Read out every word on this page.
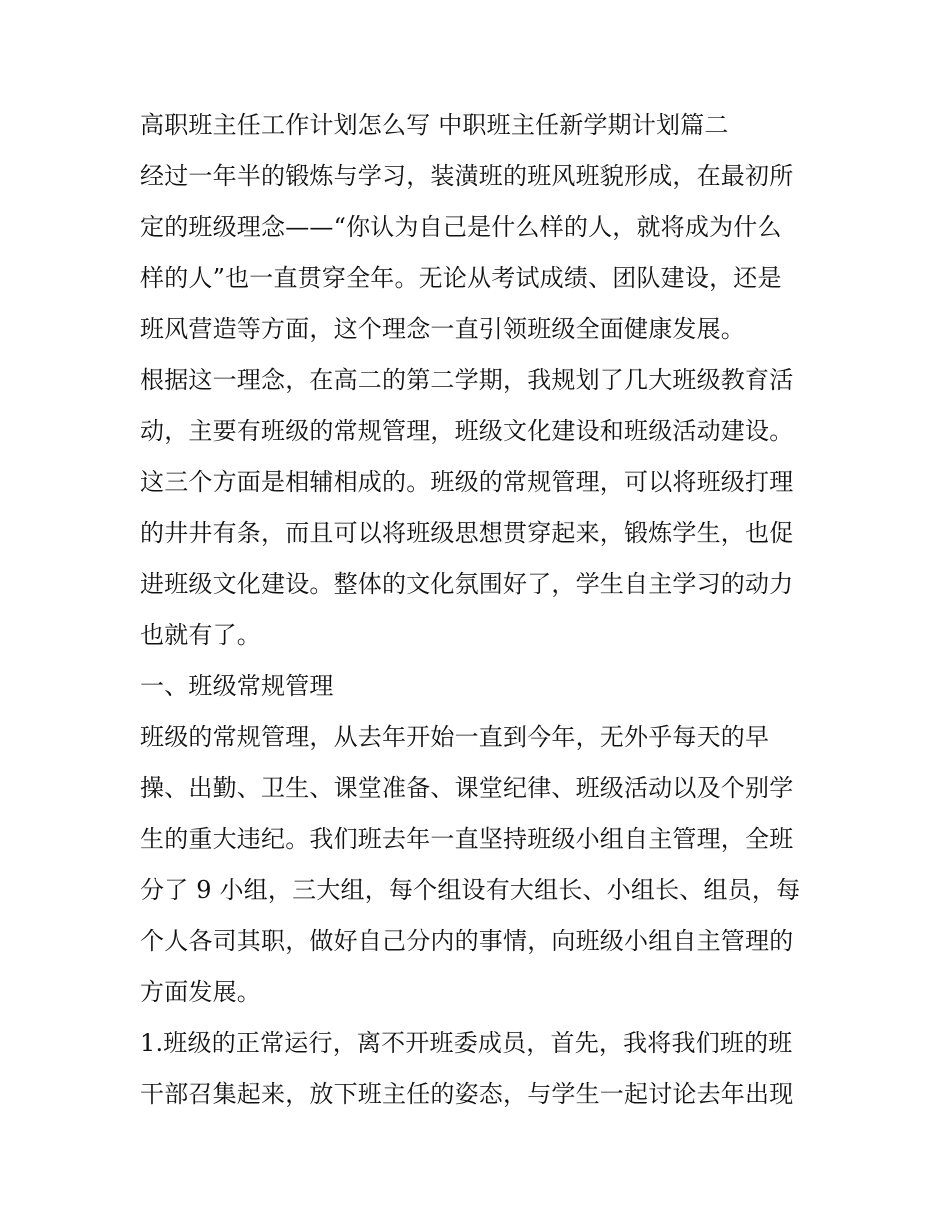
高职班主任工作计划怎么写 中职班主任新学期计划篇二
经过一年半的锻炼与学习，装潢班的班风班貌形成，在最初所
定的班级理念——“你认为自己是什么样的人，就将成为什么
样的人”也一直贯穿全年。无论从考试成绩、团队建设，还是
班风营造等方面，这个理念一直引领班级全面健康发展。
根据这一理念，在高二的第二学期，我规划了几大班级教育活
动，主要有班级的常规管理，班级文化建设和班级活动建设。
这三个方面是相辅相成的。班级的常规管理，可以将班级打理
的井井有条，而且可以将班级思想贯穿起来，锻炼学生，也促
进班级文化建设。整体的文化氛围好了，学生自主学习的动力
也就有了。
一、班级常规管理
班级的常规管理，从去年开始一直到今年，无外乎每天的早
操、出勤、卫生、课堂准备、课堂纪律、班级活动以及个别学
生的重大违纪。我们班去年一直坚持班级小组自主管理，全班
分了 9 小组，三大组，每个组设有大组长、小组长、组员，每
个人各司其职，做好自己分内的事情，向班级小组自主管理的
方面发展。
1.班级的正常运行，离不开班委成员，首先，我将我们班的班
干部召集起来，放下班主任的姿态，与学生一起讨论去年出现
